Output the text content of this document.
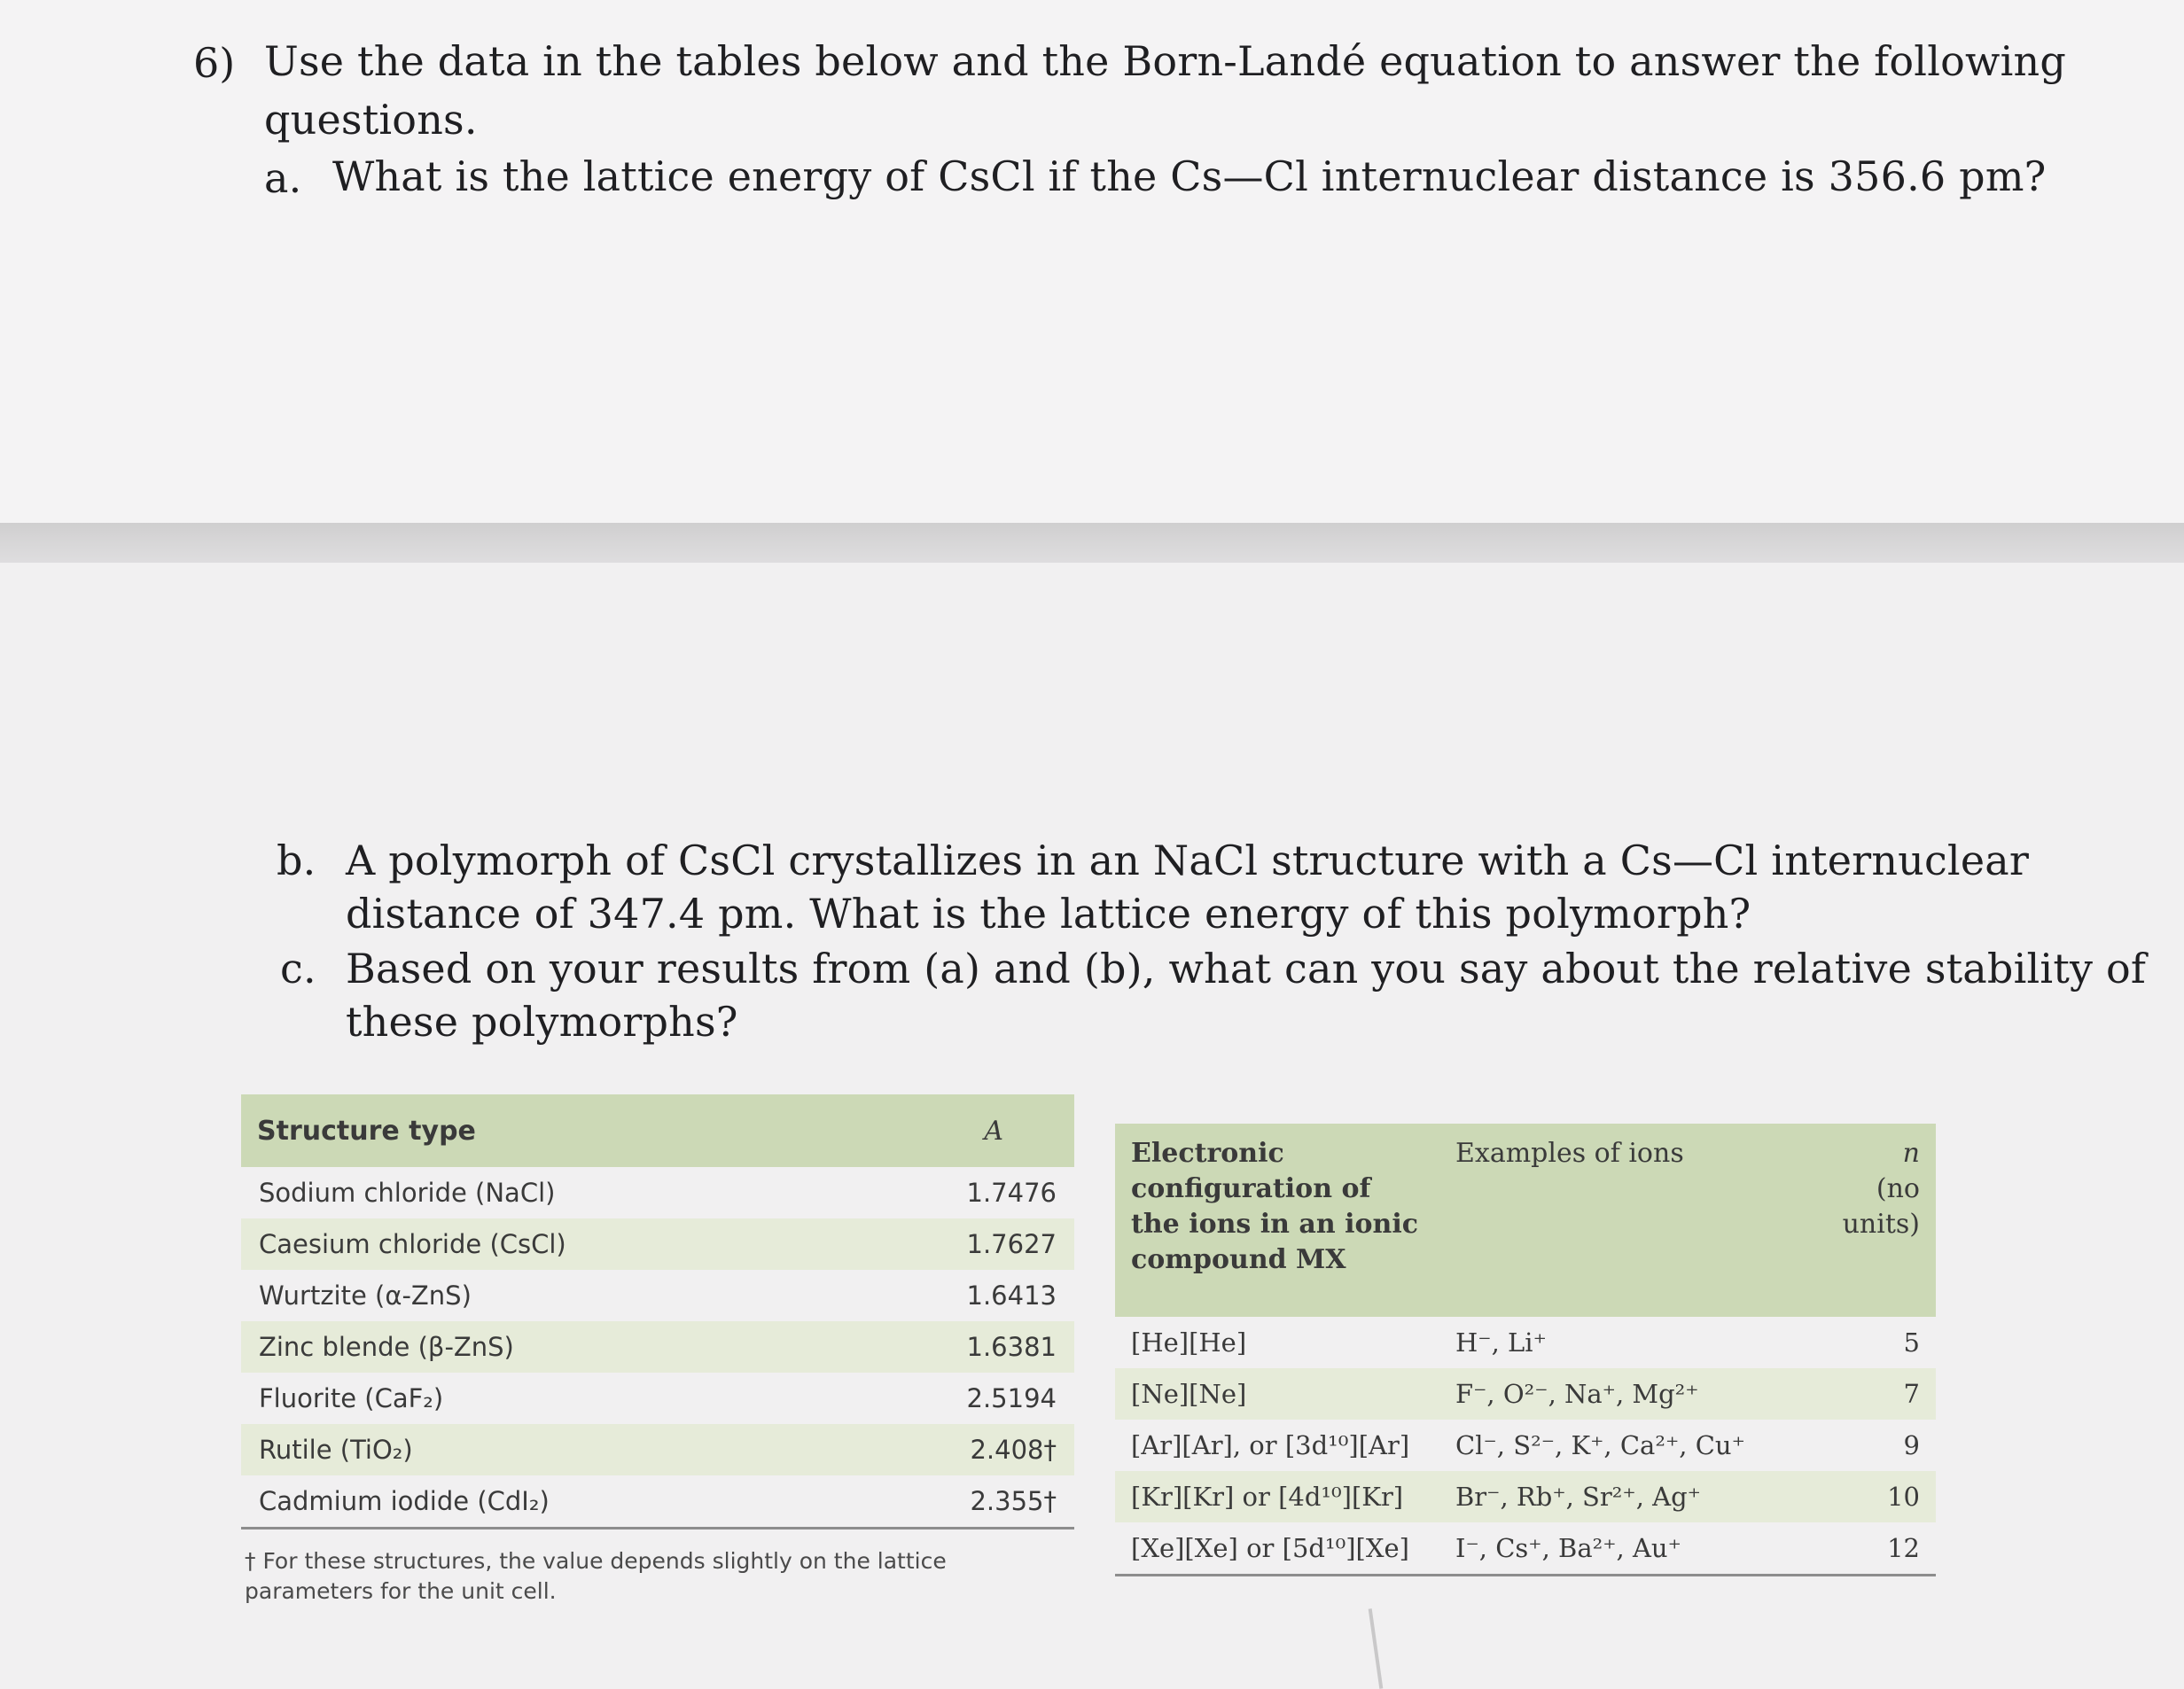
6) Use the data in the tables below and the Born-Landé equation to answer the following
questions.
a. What is the lattice energy of CsCl if the Cs—Cl internuclear distance is 356.6 pm?
b. A polymorph of CsCl crystallizes in an NaCl structure with a Cs—Cl internuclear
distance of 347.4 pm. What is the lattice energy of this polymorph?
c. Based on your results from (a) and (b), what can you say about the relative stability of
these polymorphs?
Structure type	A
Sodium chloride (NaCl)	1.7476
Caesium chloride (CsCl)	1.7627
Wurtzite (α-ZnS)	1.6413
Zinc blende (β-ZnS)	1.6381
Fluorite (CaF₂)	2.5194
Rutile (TiO₂)	2.408†
Cadmium iodide (CdI₂)	2.355†
† For these structures, the value depends slightly on the lattice parameters for the unit cell.
Electronic configuration of the ions in an ionic compound MX	Examples of ions	n
(no units)

[He][He]	H⁻, Li⁺	5
[Ne][Ne]	F⁻, O²⁻, Na⁺, Mg²⁺	7
[Ar][Ar], or [3d¹⁰][Ar]	Cl⁻, S²⁻, K⁺, Ca²⁺, Cu⁺	9
[Kr][Kr] or [4d¹⁰][Kr]	Br⁻, Rb⁺, Sr²⁺, Ag⁺	10
[Xe][Xe] or [5d¹⁰][Xe]	I⁻, Cs⁺, Ba²⁺, Au⁺	12
